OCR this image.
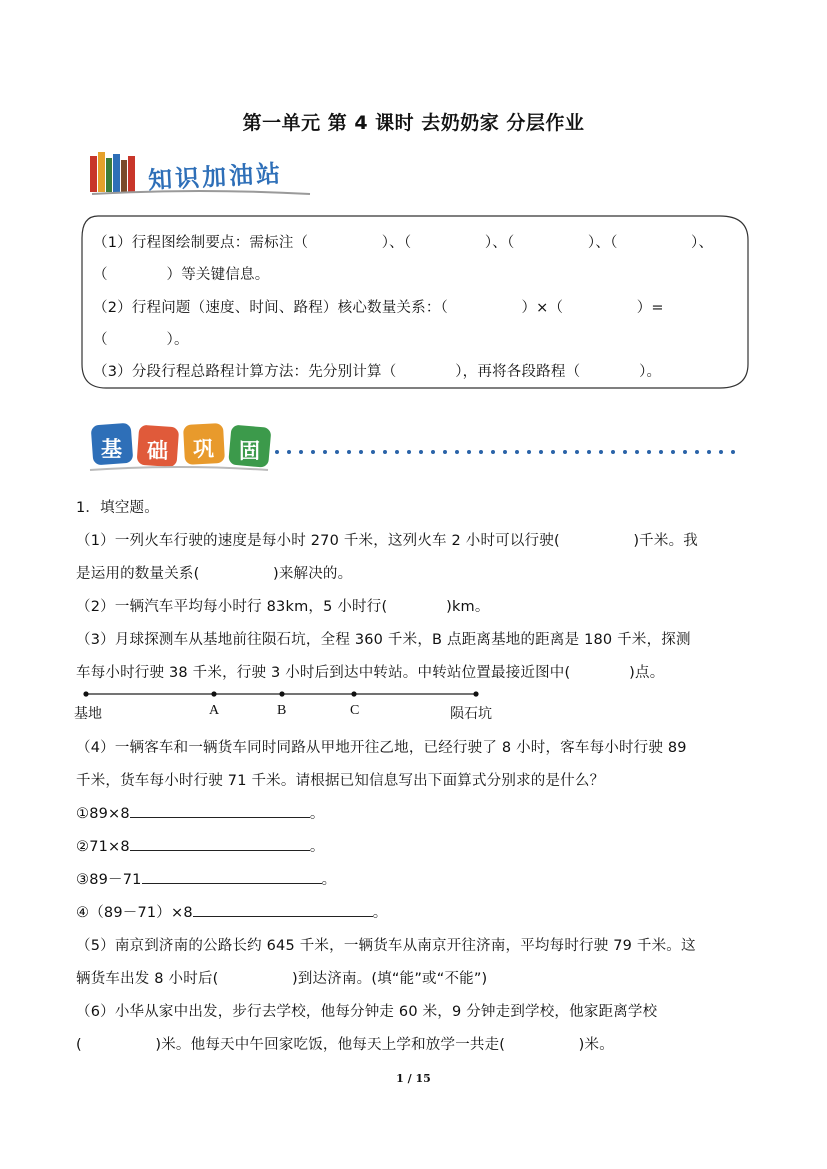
第一单元 第 4 课时 去奶奶家 分层作业
知识加油站
（1）行程图绘制要点：需标注（　　　　　）、（　　　　　）、（　　　　　）、（　　　　　）、
（　　　　）等关键信息。
（2）行程问题（速度、时间、路程）核心数量关系：（　　　　　）×（　　　　　）=
（　　　　）。
（3）分段行程总路程计算方法：先分别计算（　　　　），再将各段路程（　　　　）。
基 础 巩 固
1．填空题。
（1）一列火车行驶的速度是每小时 270 千米，这列火车 2 小时可以行驶(　　　　　)千米。我
是运用的数量关系(　　　　　)来解决的。
（2）一辆汽车平均每小时行 83km，5 小时行(　　　　)km。
（3）月球探测车从基地前往陨石坑，全程 360 千米，B 点距离基地的距离是 180 千米，探测
车每小时行驶 38 千米，行驶 3 小时后到达中转站。中转站位置最接近图中(　　　　)点。
基地	A	B	C	陨石坑
（4）一辆客车和一辆货车同时同路从甲地开往乙地，已经行驶了 8 小时，客车每小时行驶 89
千米，货车每小时行驶 71 千米。请根据已知信息写出下面算式分别求的是什么？
①89×8	。
②71×8	。
③89－71	。
④（89－71）×8	。
（5）南京到济南的公路长约 645 千米，一辆货车从南京开往济南，平均每时行驶 79 千米。这
辆货车出发 8 小时后(　　　　　)到达济南。(填“能”或“不能”)
（6）小华从家中出发，步行去学校，他每分钟走 60 米，9 分钟走到学校，他家距离学校
(　　　　　)米。他每天中午回家吃饭，他每天上学和放学一共走(　　　　　)米。
1 / 15
